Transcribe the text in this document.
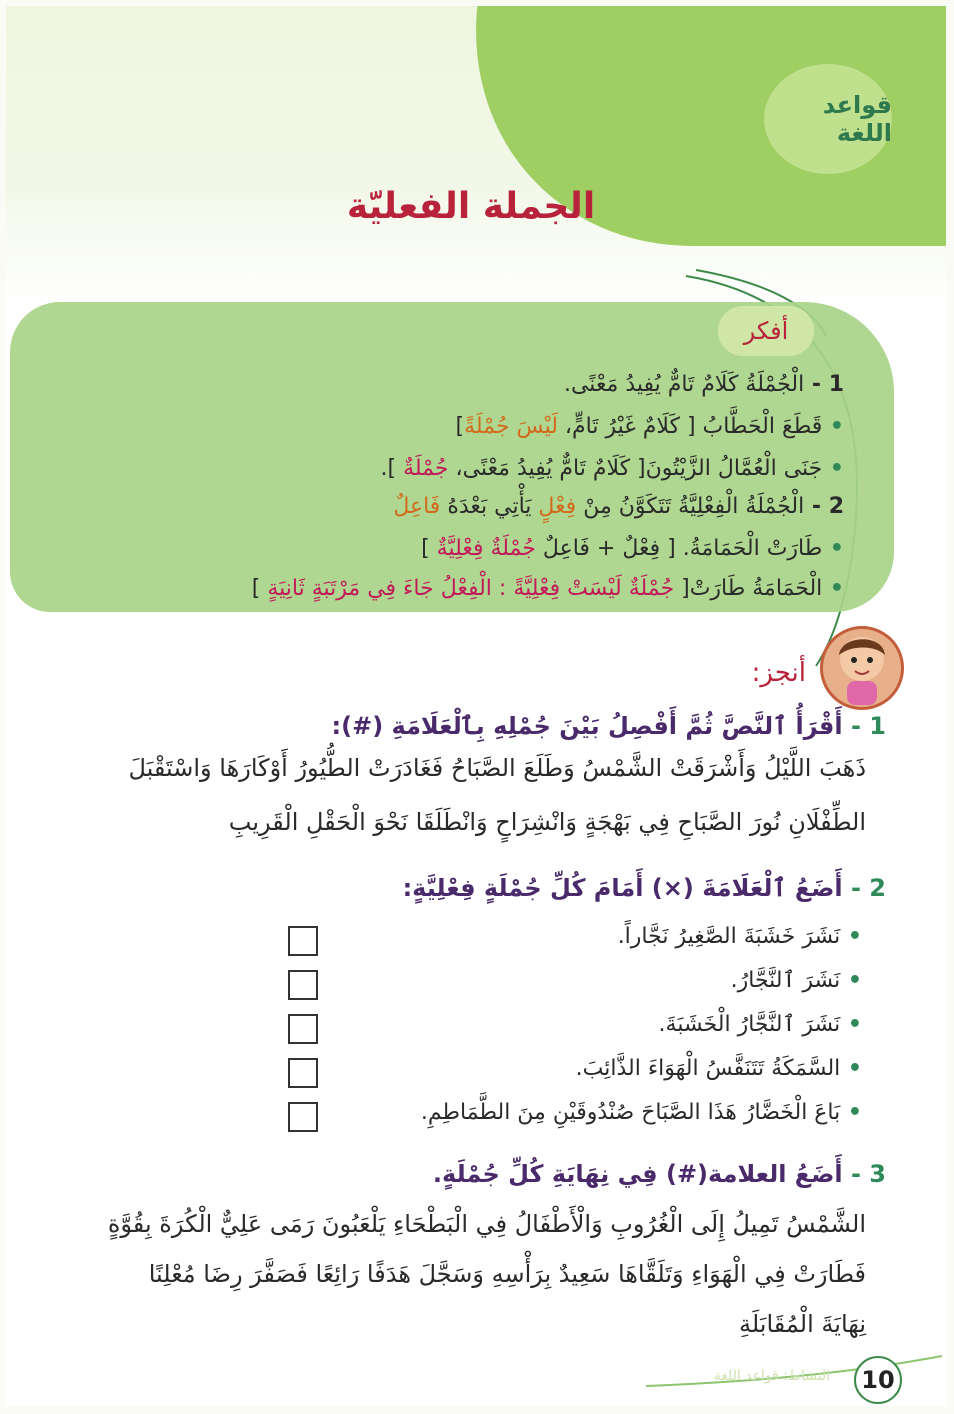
قواعد اللغة
الجملة الفعليّة
أفكر
1 - الْجُمْلَةُ كَلَامٌ تَامٌّ يُفِيدُ مَعْنًى.
• قَطَعَ الْحَطَّابُ [ كَلَامٌ غَيْرُ تَامٍّ، لَيْسَ جُمْلَةً]
• جَنَى الْعُمَّالُ الزَّيْتُونَ[ كَلَامٌ تَامٌّ يُفِيدُ مَعْنًى، جُمْلَةٌ ].
2 - الْجُمْلَةُ الْفِعْلِيَّةُ تَتَكَوَّنُ مِنْ فِعْلٍ يَأْتِي بَعْدَهُ فَاعِلٌ
• طَارَتْ الْحَمَامَةُ. [ فِعْلٌ + فَاعِلٌ جُمْلَةٌ فِعْلِيَّةٌ ]
• الْحَمَامَةُ طَارَتْ[ جُمْلَةٌ لَيْسَتْ فِعْلِيَّةً : الْفِعْلُ جَاءَ فِي مَرْتَبَةٍ ثَانِيَةٍ ]
أنجز:
1 - أَقْرَأُ ٱلنَّصَّ ثُمَّ أَفْصِلُ بَيْنَ جُمْلِهِ بِٱلْعَلَامَةِ (#):
ذَهَبَ اللَّيْلُ وَأَشْرَقَتْ الشَّمْسُ وَطَلَعَ الصَّبَاحُ فَغَادَرَتْ الطُّيُورُ أَوْكَارَهَا وَاسْتَقْبَلَ
الطِّفْلَانِ نُورَ الصَّبَاحِ فِي بَهْجَةٍ وَانْشِرَاحٍ وَانْطَلَقَا نَحْوَ الْحَقْلِ الْقَرِيبِ
2 - أَضَعُ ٱلْعَلَامَةَ (×) أَمَامَ كُلِّ جُمْلَةٍ فِعْلِيَّةٍ:
• نَشَرَ خَشَبَةَ الصَّغِيرُ نَجَّاراً.
• نَشَرَ ٱلنَّجَّارُ.
• نَشَرَ ٱلنَّجَّارُ الْخَشَبَةَ.
• السَّمَكَةُ تَتَنَفَّسُ الْهَوَاءَ الذَّائِبَ.
• بَاعَ الْخَضَّارُ هَذَا الصَّبَاحَ صُنْدُوقَيْنِ مِنَ الطَّمَاطِمِ.
3 - أَضَعُ العلامة(#) فِي نِهَايَةِ كُلِّ جُمْلَةٍ.
الشَّمْسُ تَمِيلُ إِلَى الْغُرُوبِ وَالْأَطْفَالُ فِي الْبَطْحَاءِ يَلْعَبُونَ رَمَى عَلِيٌّ الْكُرَةَ بِقُوَّةٍ
فَطَارَتْ فِي الْهَوَاءِ وَتَلَقَّاهَا سَعِيدٌ بِرَأْسِهِ وَسَجَّلَ هَدَفًا رَائِعًا فَصَفَّرَ رِضَا مُعْلِنًا
نِهَايَةَ الْمُقَابَلَةِ
النشاط: قواعد اللغة	10
